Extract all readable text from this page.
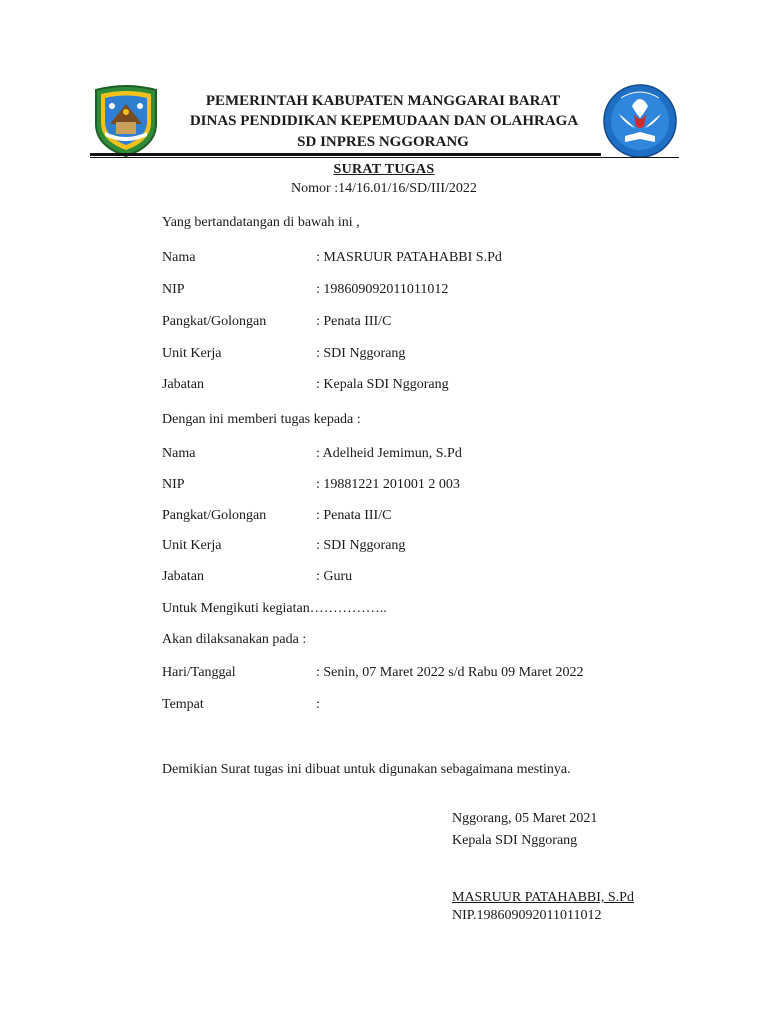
PEMERINTAH KABUPATEN MANGGARAI BARAT
DINAS PENDIDIKAN KEPEMUDAAN DAN OLAHRAGA
SD INPRES NGGORANG
SURAT TUGAS
Nomor :14/16.01/16/SD/III/2022
Yang bertandatangan di bawah ini ,
Nama	: MASRUUR PATAHABBI S.Pd
NIP	: 198609092011011012
Pangkat/Golongan	: Penata III/C
Unit Kerja	: SDI Nggorang
Jabatan	: Kepala SDI Nggorang
Dengan ini memberi tugas kepada :
Nama	: Adelheid Jemimun, S.Pd
NIP	: 19881221 201001 2 003
Pangkat/Golongan	: Penata III/C
Unit Kerja	: SDI Nggorang
Jabatan	: Guru
Untuk Mengikuti kegiatan……………..
Akan dilaksanakan pada :
Hari/Tanggal	: Senin, 07 Maret 2022 s/d Rabu 09 Maret 2022
Tempat	:
Demikian Surat tugas ini dibuat untuk digunakan sebagaimana mestinya.
Nggorang, 05 Maret 2021
Kepala SDI Nggorang
MASRUUR PATAHABBI, S.Pd
NIP.198609092011011012
